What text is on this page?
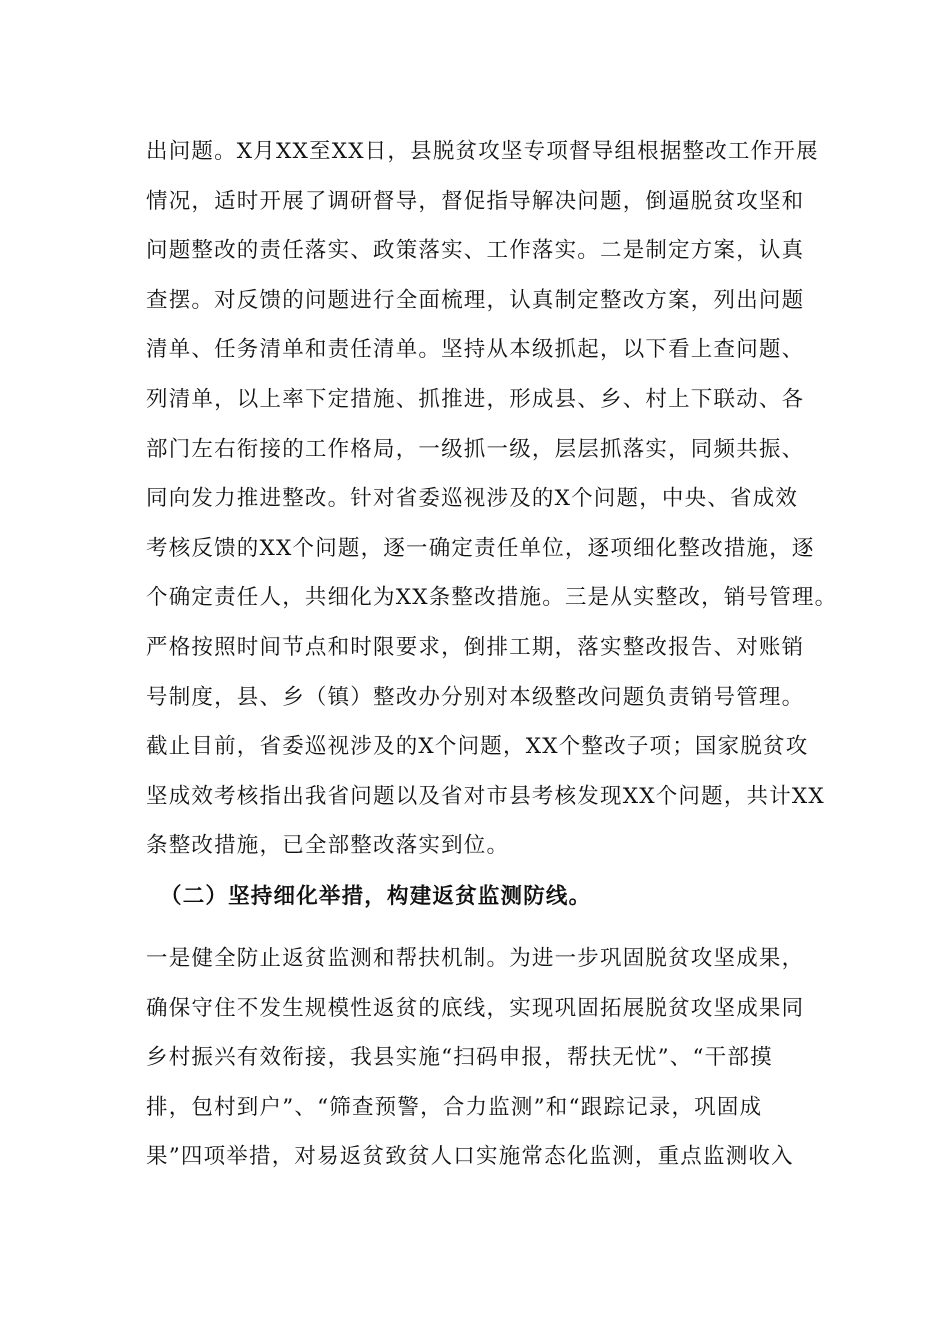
出问题。X月XX至XX日，县脱贫攻坚专项督导组根据整改工作开展
情况，适时开展了调研督导，督促指导解决问题，倒逼脱贫攻坚和
问题整改的责任落实、政策落实、工作落实。二是制定方案，认真
查摆。对反馈的问题进行全面梳理，认真制定整改方案，列出问题
清单、任务清单和责任清单。坚持从本级抓起，以下看上查问题、
列清单，以上率下定措施、抓推进，形成县、乡、村上下联动、各
部门左右衔接的工作格局，一级抓一级，层层抓落实，同频共振、
同向发力推进整改。针对省委巡视涉及的X个问题，中央、省成效
考核反馈的XX个问题，逐一确定责任单位，逐项细化整改措施，逐
个确定责任人，共细化为XX条整改措施。三是从实整改，销号管理。
严格按照时间节点和时限要求，倒排工期，落实整改报告、对账销
号制度，县、乡（镇）整改办分别对本级整改问题负责销号管理。
截止目前，省委巡视涉及的X个问题，XX个整改子项；国家脱贫攻
坚成效考核指出我省问题以及省对市县考核发现XX个问题，共计XX
条整改措施，已全部整改落实到位。
（二）坚持细化举措，构建返贫监测防线。
一是健全防止返贫监测和帮扶机制。为进一步巩固脱贫攻坚成果，
确保守住不发生规模性返贫的底线，实现巩固拓展脱贫攻坚成果同
乡村振兴有效衔接，我县实施“扫码申报，帮扶无忧”、“干部摸
排，包村到户”、“筛查预警，合力监测”和“跟踪记录，巩固成
果”四项举措，对易返贫致贫人口实施常态化监测，重点监测收入
